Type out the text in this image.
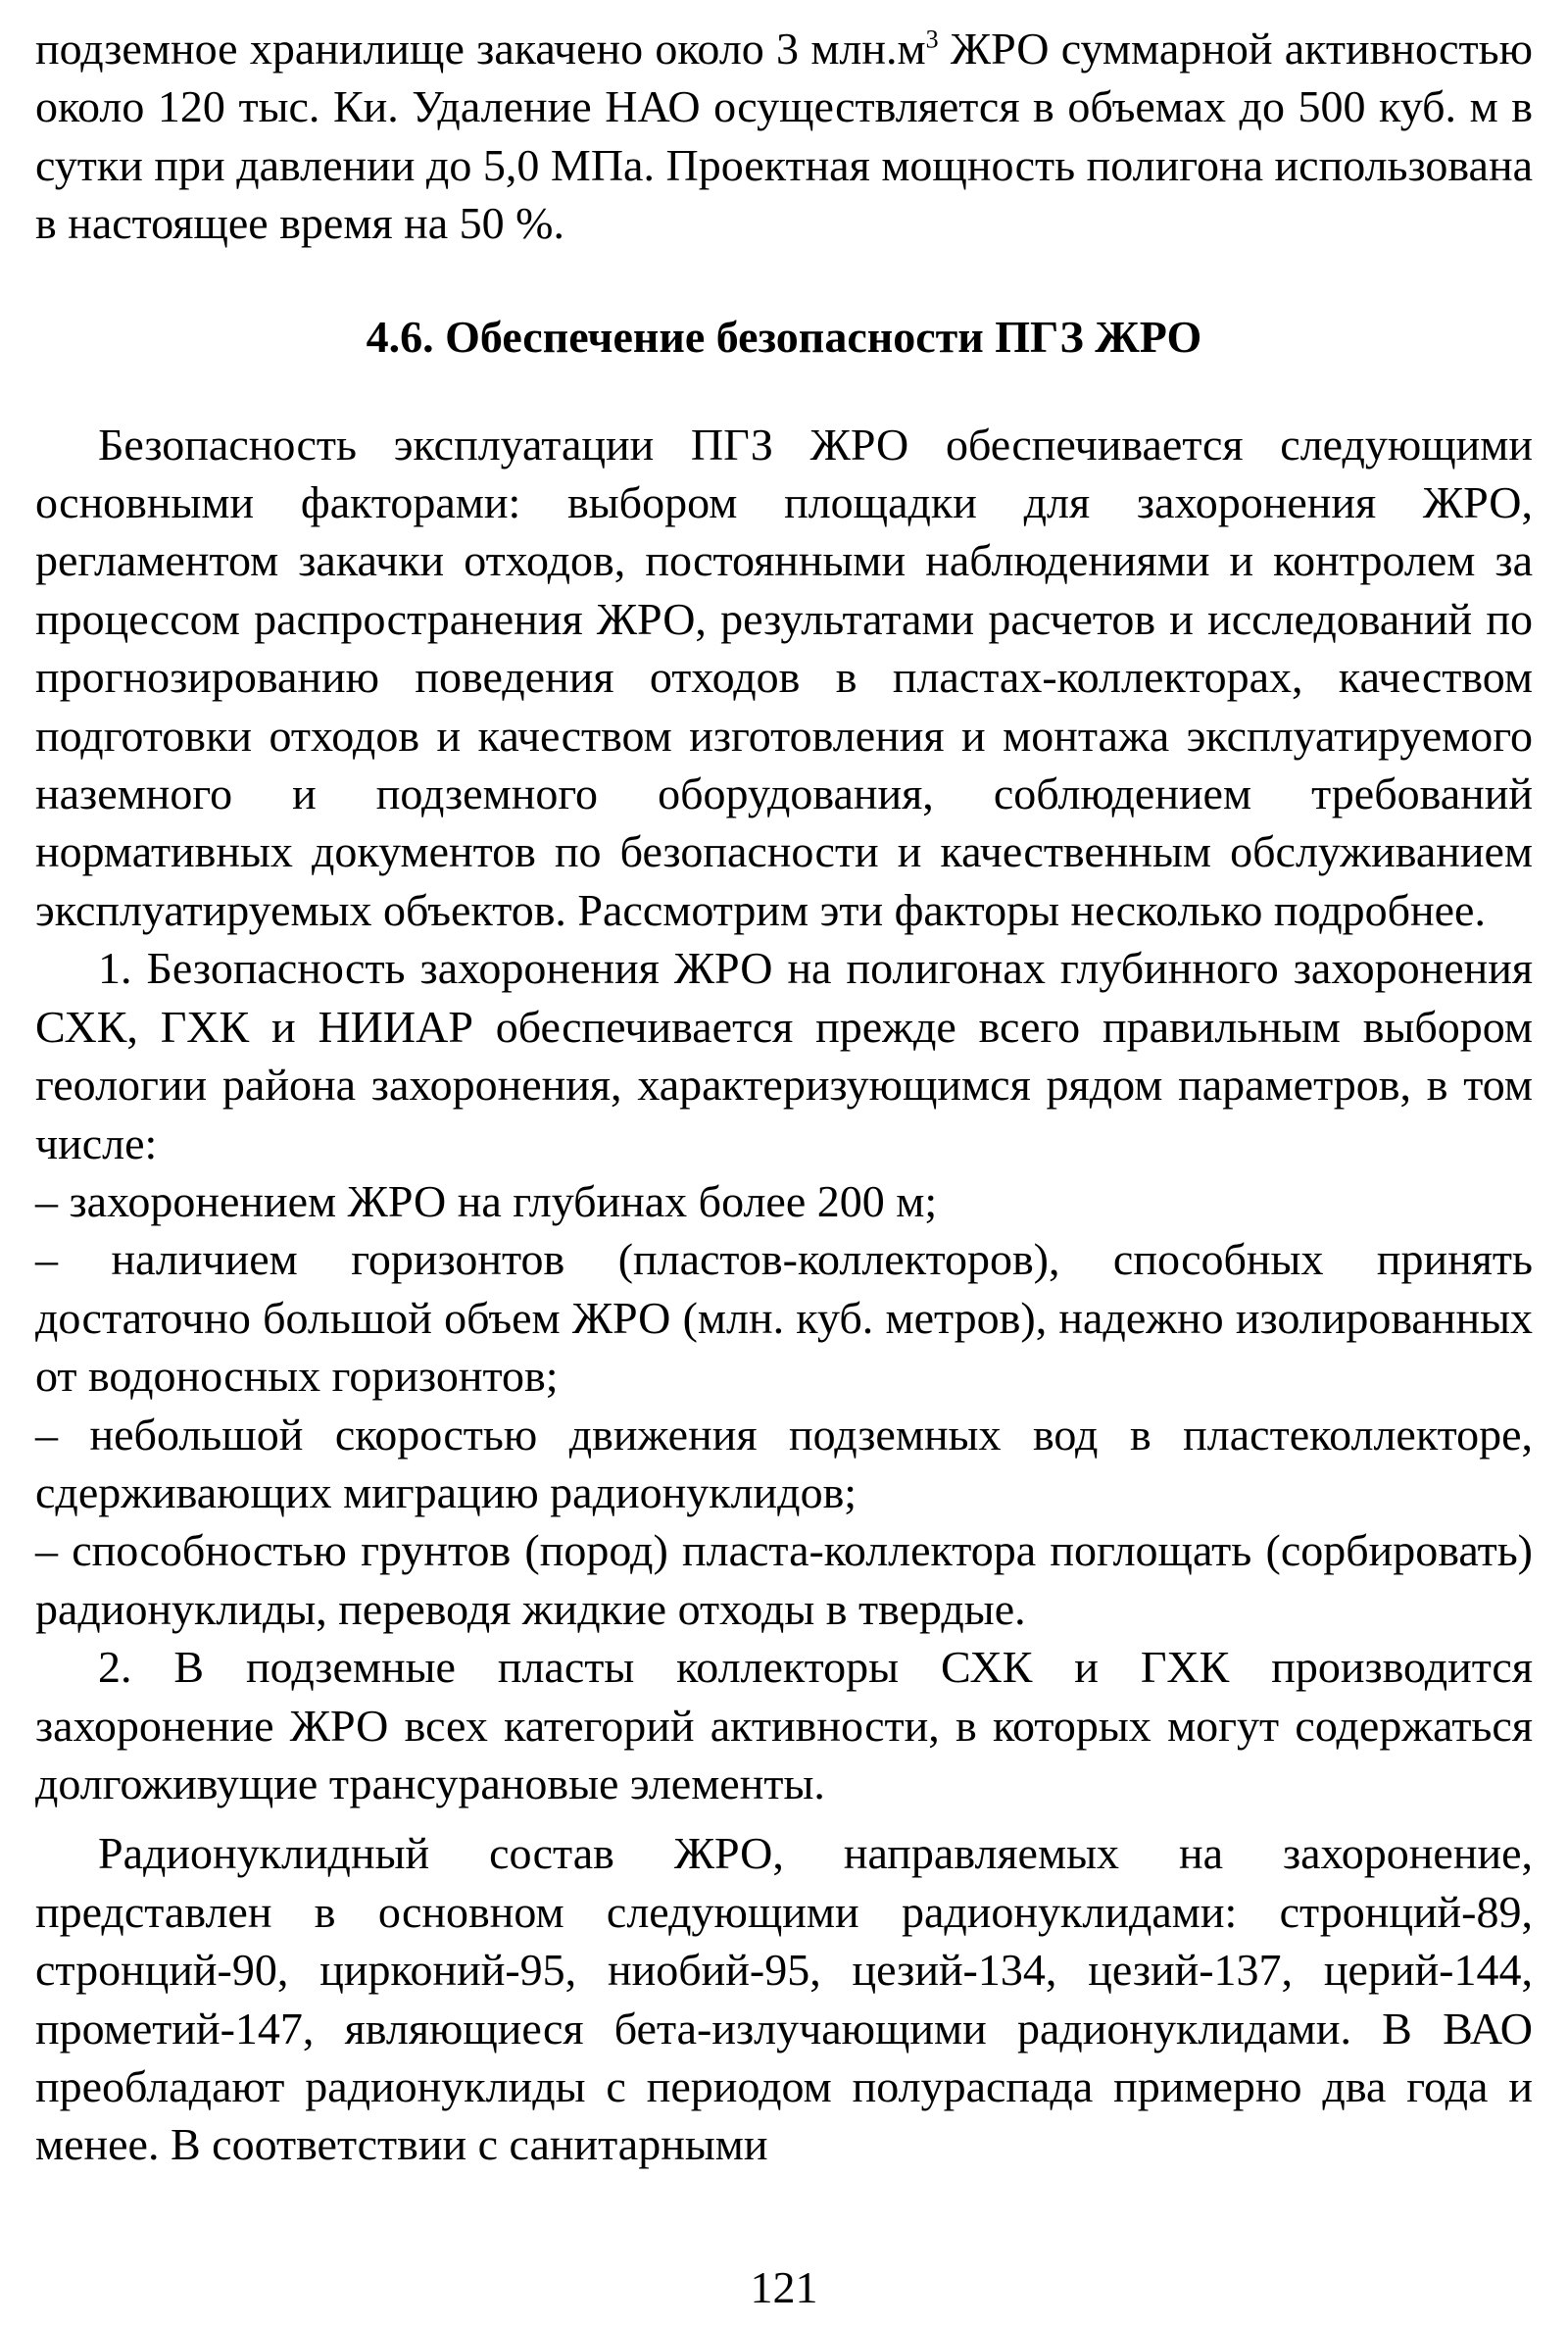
подземное хранилище закачено около 3 $млн.м^3$ ЖРО суммарной активностью около 120 тыс. Ки. Удаление НАО осуществляется в объемах до 500 куб. м в сутки при давлении до 5,0 МПа. Проектная мощность полигона использована в настоящее время на 50 %.

4.6. Обеспечение безопасности ПГЗ ЖРО

Безопасность эксплуатации ПГЗ ЖРО обеспечивается следующими основными факторами: выбором площадки для захоронения ЖРО, регламентом закачки отходов, постоянными наблюдениями и контролем за процессом распространения ЖРО, результатами расчетов и исследований по прогнозированию поведения отходов в пластах-коллекторах, качеством подготовки отходов и качеством изготовления и монтажа эксплуатируемого наземного и подземного оборудования, соблюдением требований нормативных документов по безопасности и качественным обслуживанием эксплуатируемых объектов. Рассмотрим эти факторы несколько подробнее.

1. Безопасность захоронения ЖРО на полигонах глубинного захоронения СХК, ГХК и НИИАР обеспечивается прежде всего правильным выбором геологии района захоронения, характеризующимся рядом параметров, в том числе:

– захоронением ЖРО на глубинах более 200 м;

– наличием горизонтов (пластов-коллекторов), способных принять достаточно большой объем ЖРО (млн. куб. метров), надежно изолированных от водоносных горизонтов;

– небольшой скоростью движения подземных вод в пластеколлекторе, сдерживающих миграцию радионуклидов;

– способностью грунтов (пород) пласта-коллектора поглощать (сорбировать) радионуклиды, переводя жидкие отходы в твердые.

2. В подземные пласты коллекторы СХК и ГХК производится захоронение ЖРО всех категорий активности, в которых могут содержаться долгоживущие трансурановые элементы.

Радионуклидный состав ЖРО, направляемых на захоронение, представлен в основном следующими радионуклидами: стронций-89, стронций-90, цирконий-95, ниобий-95, цезий-134, цезий-137, церий-144, прометий-147, являющиеся бета-излучающими радионуклидами. В ВАО преобладают радионуклиды с периодом полураспада примерно два года и менее. В соответствии с санитарными

121
